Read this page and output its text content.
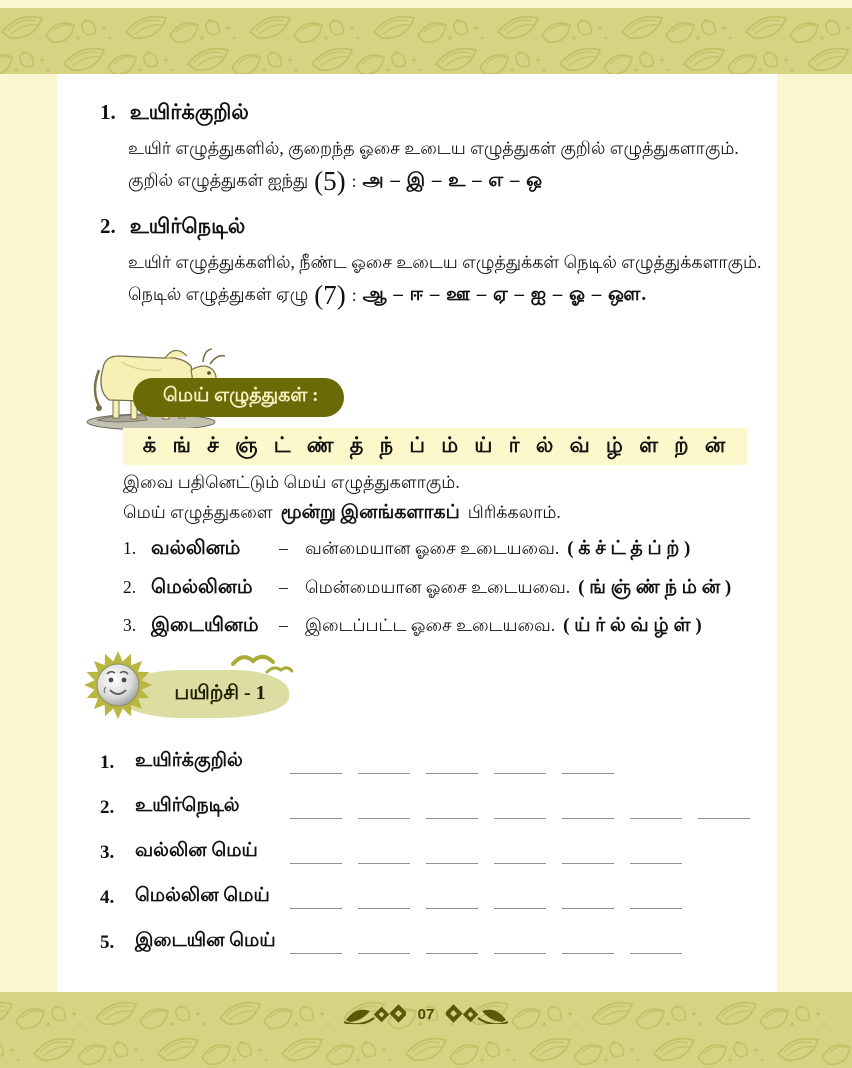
1. உயிர்க்குறில்
உயிர் எழுத்துகளில், குறைந்த ஓசை உடைய எழுத்துகள் குறில் எழுத்துகளாகும்.
குறில் எழுத்துகள் ஐந்து (5) : அ – இ – உ – எ – ஒ
2. உயிர்நெடில்
உயிர் எழுத்துக்களில், நீண்ட ஓசை உடைய எழுத்துக்கள் நெடில் எழுத்துக்களாகும்.
நெடில் எழுத்துகள் ஏழு (7) : ஆ – ஈ – ஊ – ஏ – ஐ – ஓ – ஔ.
மெய் எழுத்துகள் :
க் ங் ச் ஞ் ட் ண் த் ந் ப் ம் ய் ர் ல் வ் ழ் ள் ற் ன்
இவை பதினெட்டும் மெய் எழுத்துகளாகும்.
மெய் எழுத்துகளை மூன்று இனங்களாகப் பிரிக்கலாம்.
1. வல்லினம்	– வன்மையான ஓசை உடையவை. ( க் ச் ட் த் ப் ற் )
2. மெல்லினம்	– மென்மையான ஓசை உடையவை. ( ங் ஞ் ண் ந் ம் ன் )
3. இடையினம்	– இடைப்பட்ட ஓசை உடையவை. ( ய் ர் ல் வ் ழ் ள் )
பயிற்சி - 1
1.	உயிர்க்குறில்
2.	உயிர்நெடில்
3.	வல்லின மெய்
4.	மெல்லின மெய்
5.	இடையின மெய்
07
